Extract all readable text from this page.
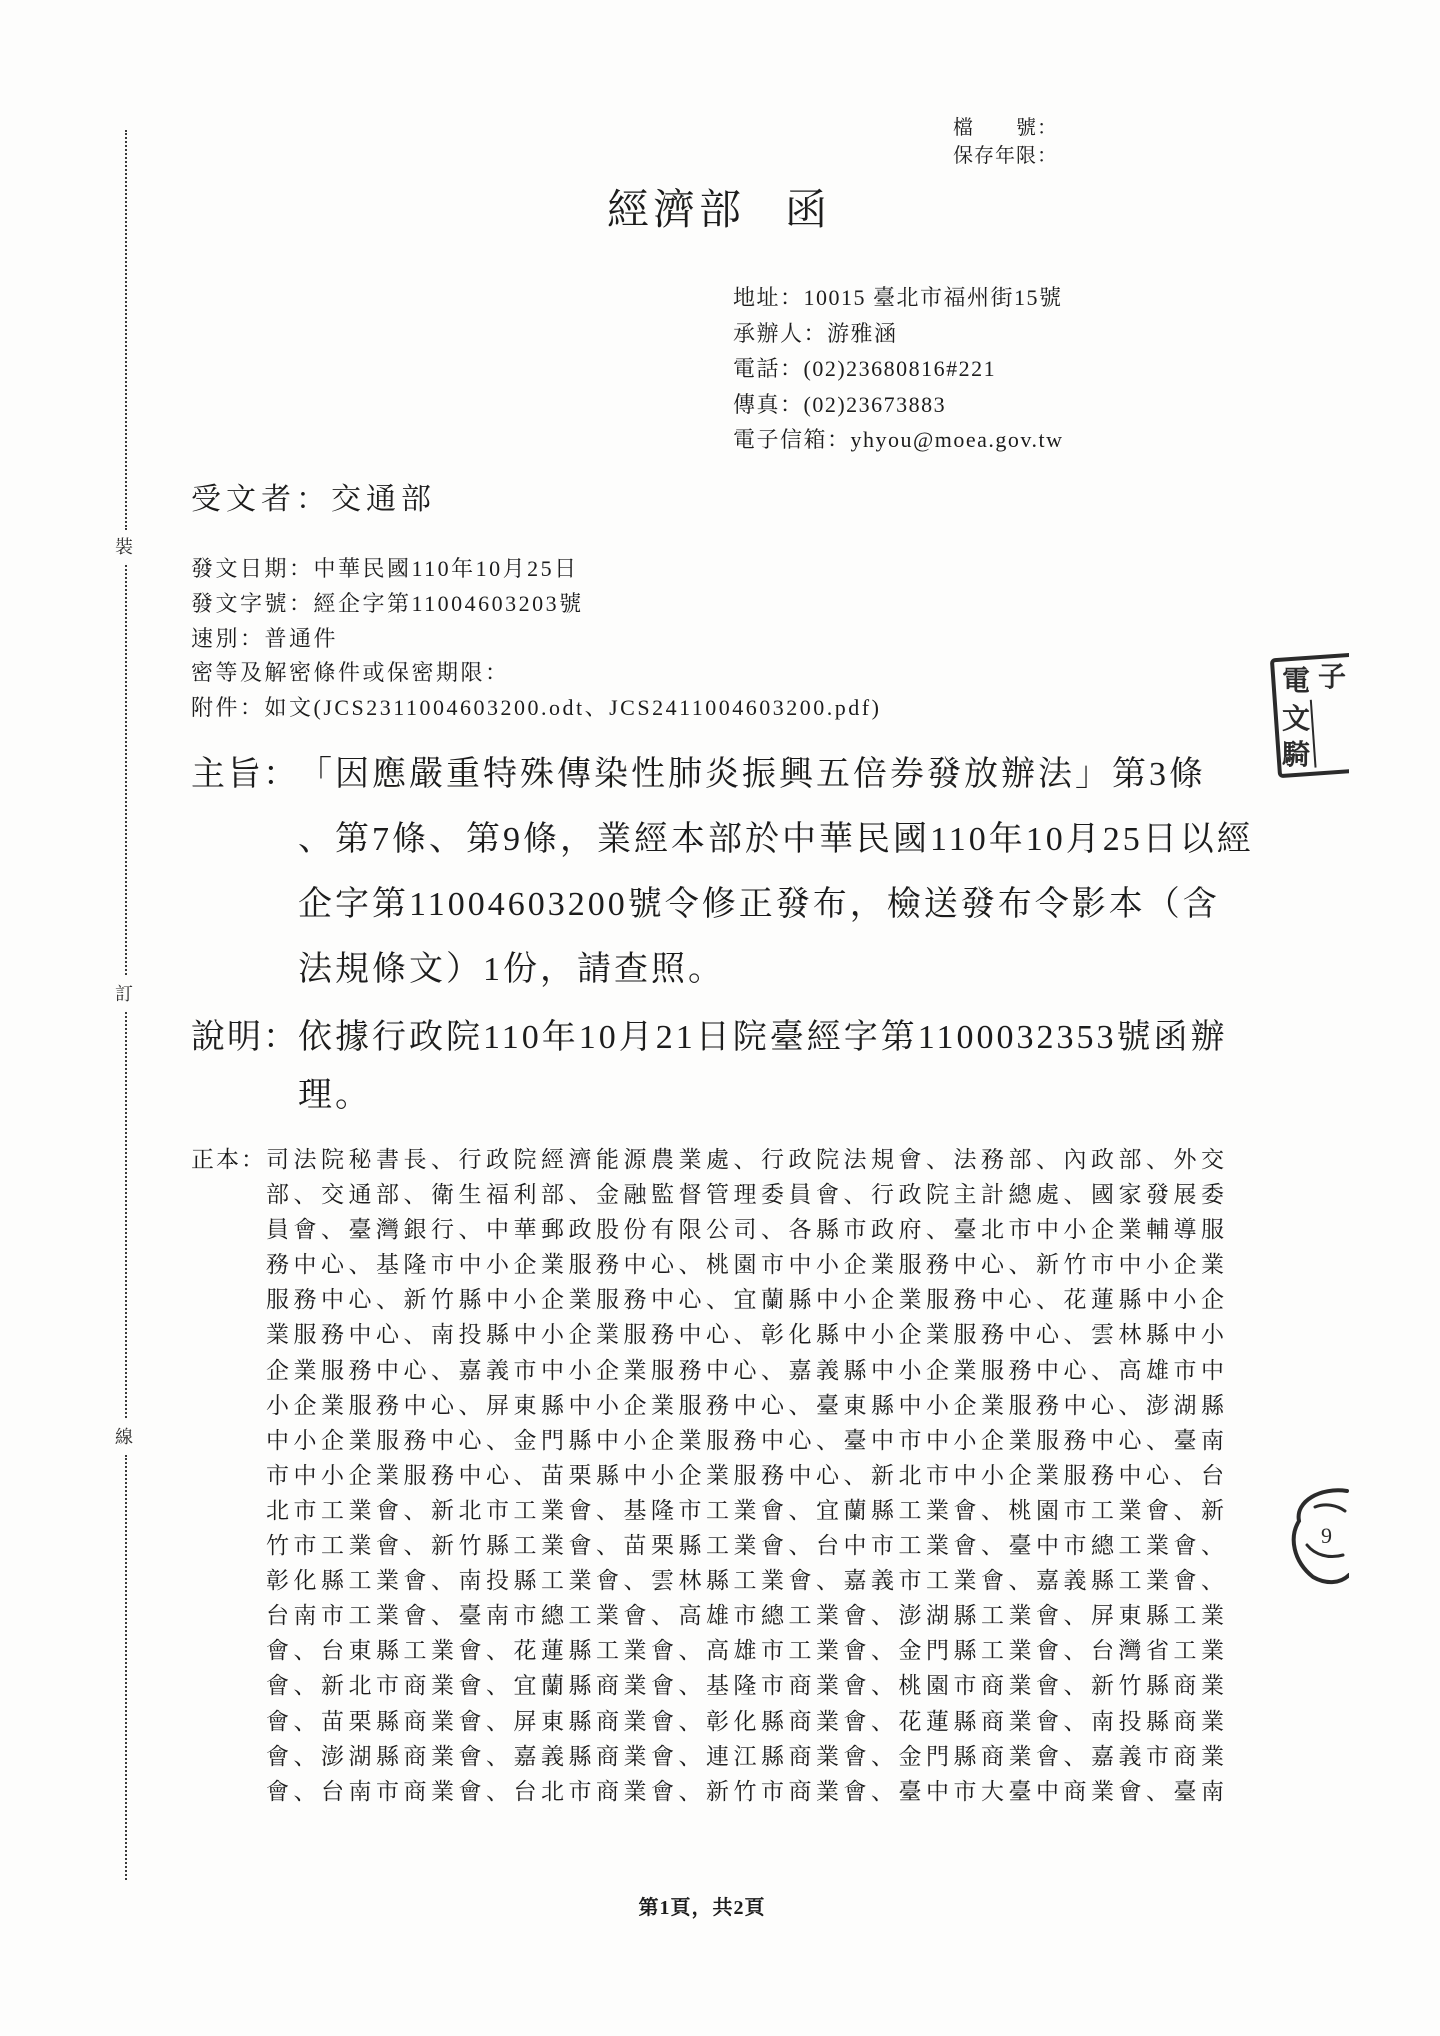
裝
訂
線
檔　　號：
保存年限：
經濟部 函
地址：10015 臺北市福州街15號
承辦人：游雅涵
電話：(02)23680816#221
傳真：(02)23673883
電子信箱：yhyou@moea.gov.tw
受文者：交通部
發文日期：中華民國110年10月25日
發文字號：經企字第11004603203號
速別：普通件
密等及解密條件或保密期限：
附件：如文(JCS2311004603200.odt、JCS2411004603200.pdf)
主旨： 「因應嚴重特殊傳染性肺炎振興五倍券發放辦法」第3條
、第7條、第9條，業經本部於中華民國110年10月25日以經
企字第11004603200號令修正發布，檢送發布令影本（含
法規條文）1份，請查照。
說明： 依據行政院110年10月21日院臺經字第1100032353號函辦
理。
正本： 司法院秘書長、行政院經濟能源農業處、行政院法規會、法務部、內政部、外交
部、交通部、衛生福利部、金融監督管理委員會、行政院主計總處、國家發展委
員會、臺灣銀行、中華郵政股份有限公司、各縣市政府、臺北市中小企業輔導服
務中心、基隆市中小企業服務中心、桃園市中小企業服務中心、新竹市中小企業
服務中心、新竹縣中小企業服務中心、宜蘭縣中小企業服務中心、花蓮縣中小企
業服務中心、南投縣中小企業服務中心、彰化縣中小企業服務中心、雲林縣中小
企業服務中心、嘉義市中小企業服務中心、嘉義縣中小企業服務中心、高雄市中
小企業服務中心、屏東縣中小企業服務中心、臺東縣中小企業服務中心、澎湖縣
中小企業服務中心、金門縣中小企業服務中心、臺中市中小企業服務中心、臺南
市中小企業服務中心、苗栗縣中小企業服務中心、新北市中小企業服務中心、台
北市工業會、新北市工業會、基隆市工業會、宜蘭縣工業會、桃園市工業會、新
竹市工業會、新竹縣工業會、苗栗縣工業會、台中市工業會、臺中市總工業會、
彰化縣工業會、南投縣工業會、雲林縣工業會、嘉義市工業會、嘉義縣工業會、
台南市工業會、臺南市總工業會、高雄市總工業會、澎湖縣工業會、屏東縣工業
會、台東縣工業會、花蓮縣工業會、高雄市工業會、金門縣工業會、台灣省工業
會、新北市商業會、宜蘭縣商業會、基隆市商業會、桃園市商業會、新竹縣商業
會、苗栗縣商業會、屏東縣商業會、彰化縣商業會、花蓮縣商業會、南投縣商業
會、澎湖縣商業會、嘉義縣商業會、連江縣商業會、金門縣商業會、嘉義市商業
會、台南市商業會、台北市商業會、新竹市商業會、臺中市大臺中商業會、臺南
電 子
文
騎
9
第1頁，共2頁
